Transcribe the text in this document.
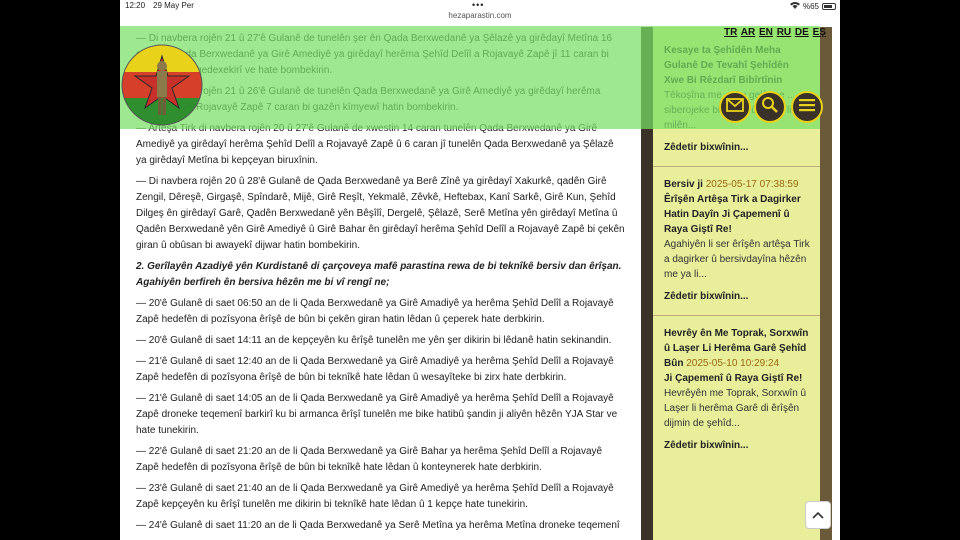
12:20 29 May Per	•••	%65
hezaparastin.com

Amediyê ya girêdayî herêma Şehîd Delîl a Rojavayê Zapê û 6 caran jî tunelên Qada Berxwedanê ya Şêlazê ya girêdayî Metîna bi kepçeyan biruxînin.

— Di navbera rojên 20 û 28'ê Gulanê de Qada Berxwedanê ya Berê Zînê ya girêdayî Xakurkê, qadên Girê Zengil, Dêreşê, Girgaşê, Spîndarê, Mijê, Girê Reşît, Yekmalê, Zêvkê, Heftebax, Kanî Sarkê, Girê Kun, Şehîd Dilgeş ên girêdayî Garê, Qadên Berxwedanê yên Bêşîlî, Dergelê, Şêlazê, Serê Metîna yên girêdayî Metîna û Qadên Berxwedanê yên Girê Amediyê û Girê Bahar ên girêdayî herêma Şehîd Delîl a Rojavayê Zapê bi çekên giran û obûsan bi awayekî dijwar hatin bombekirin.

2. Gerîlayên Azadiyê yên Kurdistanê di çarçoveya mafê parastina rewa de bi teknîkê bersiv dan êrîşan. Agahiyên berfireh ên bersiva hêzên me bi vî rengî ne;

— 20'ê Gulanê di saet 06:50 an de li Qada Berxwedanê ya Girê Amadiyê ya herêma Şehîd Delîl a Rojavayê Zapê hedefên di pozîsyona êrîşê de bûn bi çekên giran hatin lêdan û çeperek hate derbkirin.

— 20'ê Gulanê di saet 14:11 an de kepçeyên ku êrîşê tunelên me yên şer dikirin bi lêdanê hatin sekinandin.

— 21'ê Gulanê di saet 12:40 an de li Qada Berxwedanê ya Girê Amadiyê ya herêma Şehîd Delîl a Rojavayê Zapê hedefên di pozîsyona êrîşê de bûn bi teknîkê hate lêdan û wesayîteke bi zirx hate derbkirin.

— 21'ê Gulanê di saet 14:05 an de li Qada Berxwedanê ya Girê Amadiyê ya herêma Şehîd Delîl a Rojavayê Zapê droneke teqemenî barkirî ku bi armanca êrîşî tunelên me bike hatibû şandin ji aliyên hêzên YJA Star ve hate tunekirin.

— 22'ê Gulanê di saet 21:20 an de li Qada Berxwedanê ya Girê Bahar ya herêma Şehîd Delîl a Rojavayê Zapê hedefên di pozîsyona êrîşê de bûn bi teknîkê hate lêdan û konteynerek hate derbkirin.

— 23'ê Gulanê di saet 21:40 an de li Qada Berxwedanê ya Girê Amediyê ya herêma Şehîd Delîl a Rojavayê Zapê kepçeyên ku êrîşî tunelên me dikirin bi teknîkê hate lêdan û 1 kepçe hate tunekirin.

— 24'ê Gulanê di saet 11:20 an de li Qada Berxwedanê ya Serê Metîna ya herêma Metîna droneke teqemenî

Zêdetir bixwînin...
Bersiv ji 2025-05-17 07:38:59
Êrîşên Artêşa Tirk a Dagirker Hatin Dayîn Ji Çapemenî û Raya Giştî Re!
Agahiyên li ser êrîşên artêşa Tirk a dagirker û bersivdayîna hêzên me ya li...
Zêdetir bixwînin...
Hevrêy ên Me Toprak, Sorxwîn û Laşer Li Herêma Garê Şehîd Bûn 2025-05-10 10:29:24
Ji Çapemenî û Raya Giştî Re!
Hevrêyên me Toprak, Sorxwîn û Laşer li herêma Garê di êrîşên dijmin de şehîd...
Zêdetir bixwînin...
TR AR EN RU DE EŞ
